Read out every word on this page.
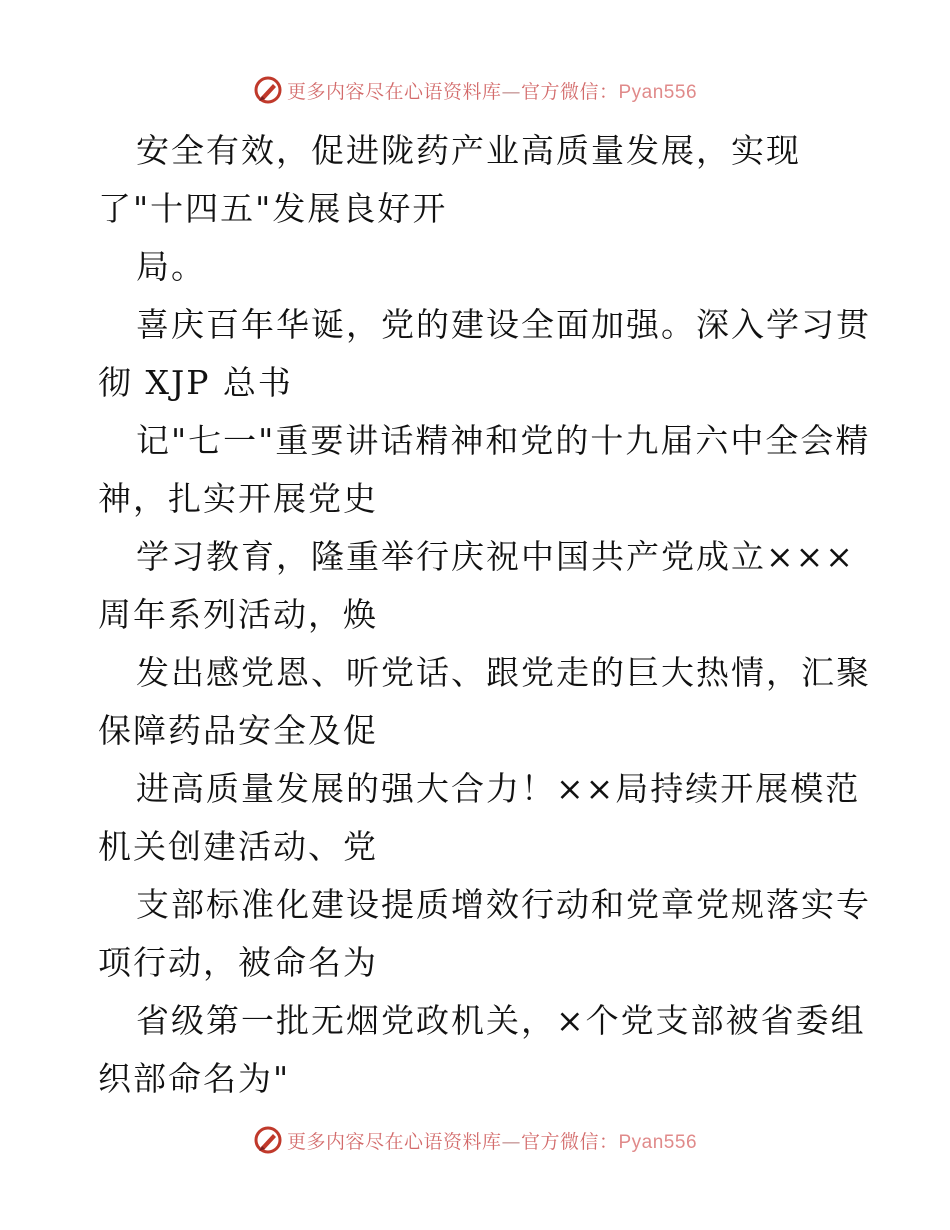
更多内容尽在心语资料库—官方微信：Pyan556
安全有效，促进陇药产业高质量发展，实现
了"十四五"发展良好开
局。
喜庆百年华诞，党的建设全面加强。深入学习贯
彻 XJP 总书
记"七一"重要讲话精神和党的十九届六中全会精
神，扎实开展党史
学习教育，隆重举行庆祝中国共产党成立×××
周年系列活动，焕
发出感党恩、听党话、跟党走的巨大热情，汇聚
保障药品安全及促
进高质量发展的强大合力！××局持续开展模范
机关创建活动、党
支部标准化建设提质增效行动和党章党规落实专
项行动，被命名为
省级第一批无烟党政机关，×个党支部被省委组
织部命名为"
更多内容尽在心语资料库—官方微信：Pyan556
